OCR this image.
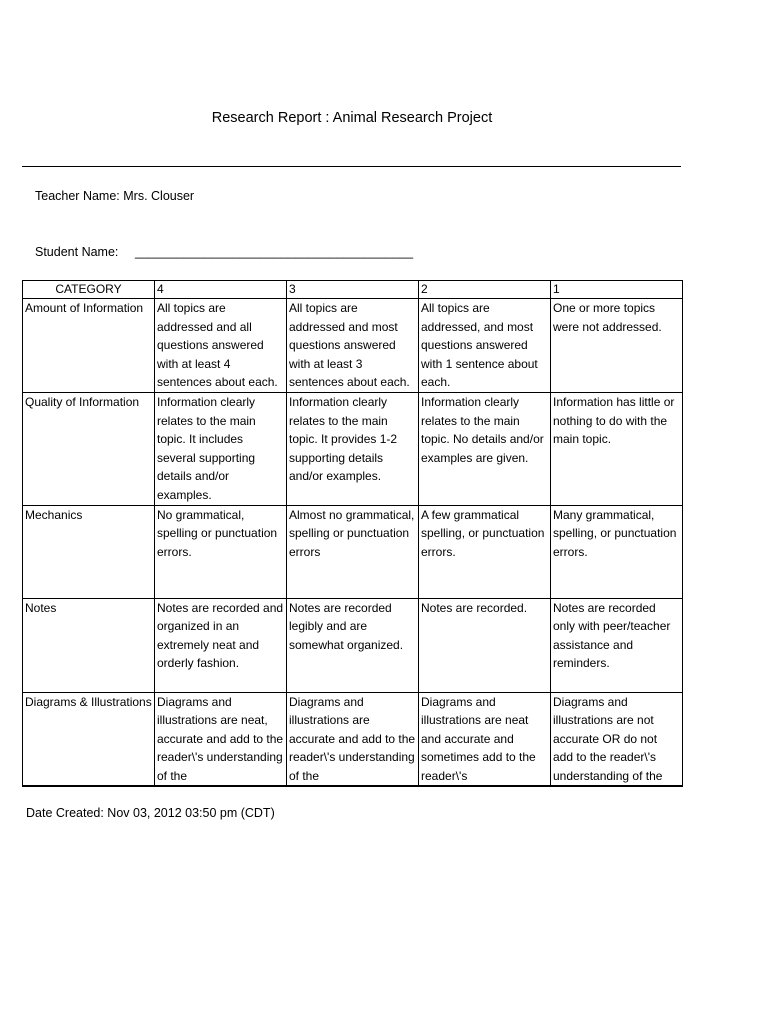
Research Report : Animal Research Project
Teacher Name: Mrs. Clouser
Student Name: ________________________________________
CATEGORY	4	3	2	1
Amount of Information	All topics are addressed and all questions answered with at least 4 sentences about each.	All topics are addressed and most questions answered with at least 3 sentences about each.	All topics are addressed, and most questions answered with 1 sentence about each.	One or more topics were not addressed.
Quality of Information	Information clearly relates to the main topic. It includes several supporting details and/or examples.	Information clearly relates to the main topic. It provides 1-2 supporting details and/or examples.	Information clearly relates to the main topic. No details and/or examples are given.	Information has little or nothing to do with the main topic.
Mechanics	No grammatical, spelling or punctuation errors.	Almost no grammatical, spelling or punctuation errors	A few grammatical spelling, or punctuation errors.	Many grammatical, spelling, or punctuation errors.
Notes	Notes are recorded and organized in an extremely neat and orderly fashion.	Notes are recorded legibly and are somewhat organized.	Notes are recorded.	Notes are recorded only with peer/teacher assistance and reminders.

Diagrams & Illustrations	Diagrams and illustrations are neat, accurate and add to the reader\'s understanding of the	Diagrams and illustrations are accurate and add to the reader\'s understanding of the	Diagrams and illustrations are neat and accurate and sometimes add to the reader\'s	Diagrams and illustrations are not accurate OR do not add to the reader\'s understanding of the
Date Created: Nov 03, 2012 03:50 pm (CDT)
